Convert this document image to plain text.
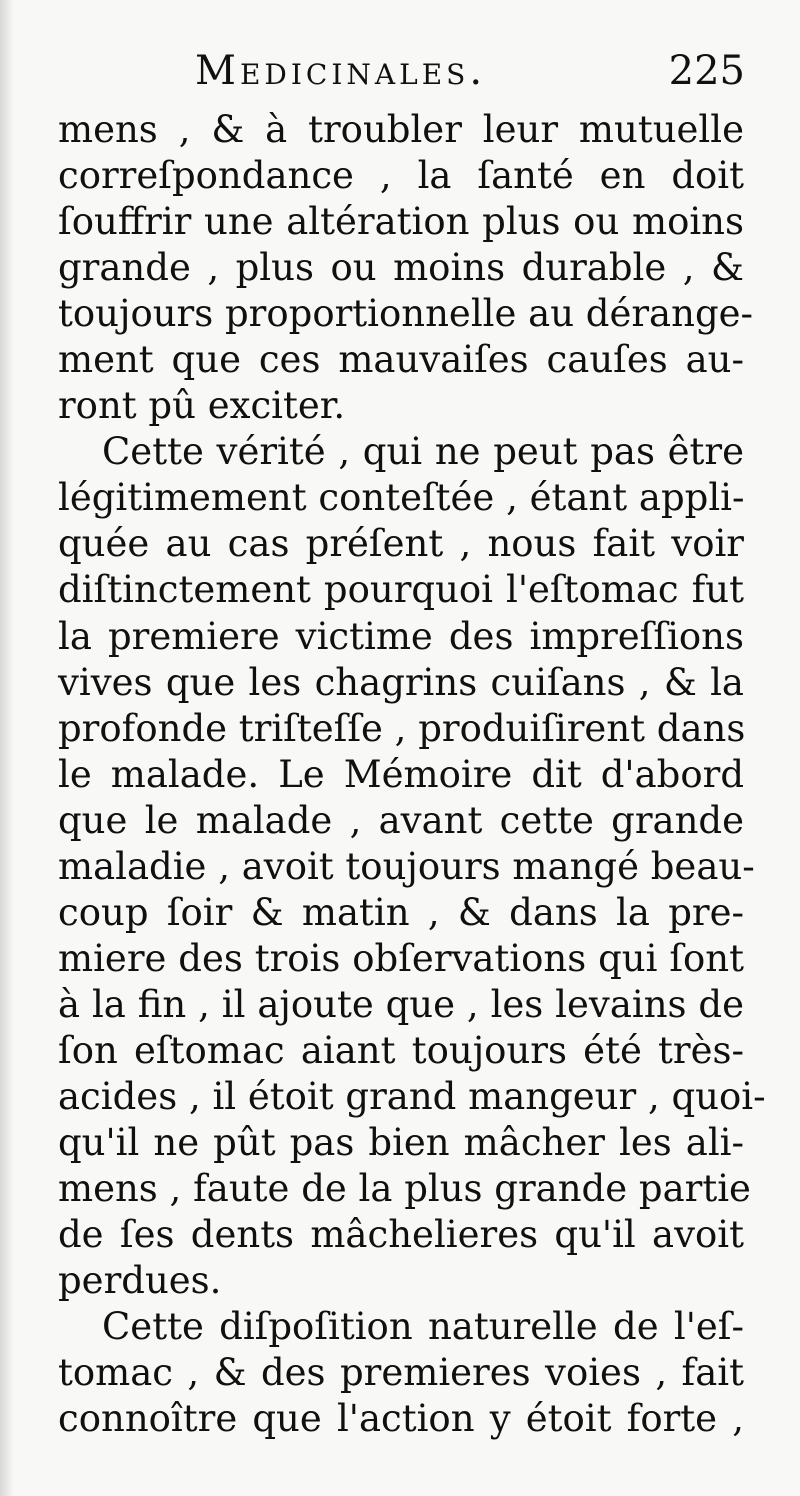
Medicinales.	225
mens , & à troubler leur mutuelle
correſpondance , la ſanté en doit
ſouffrir une altération plus ou moins
grande , plus ou moins durable , &
toujours proportionnelle au dérange-
ment que ces mauvaiſes cauſes au-
ront pû exciter.
Cette vérité , qui ne peut pas être
légitimement conteſtée , étant appli-
quée au cas préſent , nous fait voir
diſtinctement pourquoi l'eſtomac fut
la premiere victime des impreſſions
vives que les chagrins cuiſans , & la
profonde triſteſſe , produiſirent dans
le malade. Le Mémoire dit d'abord
que le malade , avant cette grande
maladie , avoit toujours mangé beau-
coup ſoir & matin , & dans la pre-
miere des trois obſervations qui ſont
à la fin , il ajoute que , les levains de
ſon eſtomac aiant toujours été très-
acides , il étoit grand mangeur , quoi-
qu'il ne pût pas bien mâcher les ali-
mens , faute de la plus grande partie
de ſes dents mâchelieres qu'il avoit
perdues.
Cette diſpoſition naturelle de l'eſ-
tomac , & des premieres voies , fait
connoître que l'action y étoit forte ,
